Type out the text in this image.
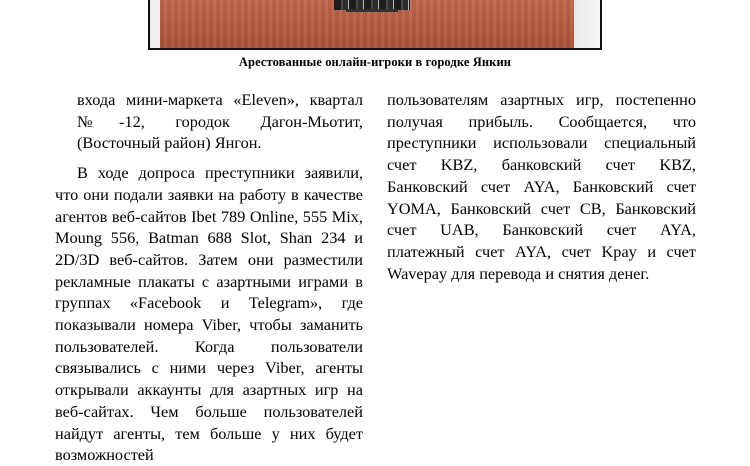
Арестованные онлайн-игроки в городке Янкин

входа мини-маркета «Eleven», квартал №-12, городок Дагон-Мьотит, (Восточный район) Янгон.

В ходе допроса преступники заявили, что они подали заявки на работу в качестве агентов веб-сайтов Ibet 789 Online, 555 Mix, Moung 556, Batman 688 Slot, Shan 234 и 2D/3D веб-сайтов. Затем они разместили рекламные плакаты с азартными играми в группах «Facebook и Telegram», где показывали номера Viber, чтобы заманить пользователей. Когда пользователи связывались с ними через Viber, агенты открывали аккаунты для азартных игр на веб-сайтах. Чем больше пользователей найдут агенты, тем больше у них будет возможностей

пользователям азартных игр, постепенно получая прибыль. Сообщается, что преступники использовали специальный счет KBZ, банковский счет KBZ, Банковский счет AYA, Банковский счет YOMA, Банковский счет CB, Банковский счет UAB, Банковский счет AYA, платежный счет AYA, счет Kpay и счет Wavepay для перевода и снятия денег.
